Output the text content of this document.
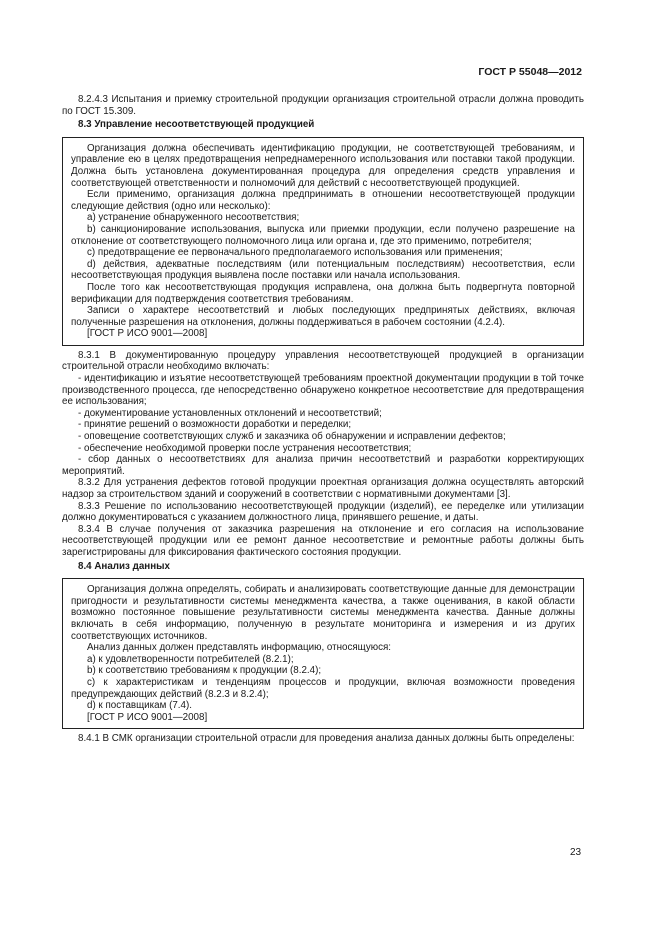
ГОСТ Р 55048—2012

8.2.4.3 Испытания и приемку строительной продукции организация строительной отрасли должна проводить по ГОСТ 15.309.

8.3 Управление несоответствующей продукцией

Организация должна обеспечивать идентификацию продукции, не соответствующей требованиям, и управление ею в целях предотвращения непреднамеренного использования или поставки такой продукции. Должна быть установлена документированная процедура для определения средств управления и соответствующей ответственности и полномочий для действий с несоответствующей продукцией.

Если применимо, организация должна предпринимать в отношении несоответствующей продукции следующие действия (одно или несколько):

а) устранение обнаруженного несоответствия;

b) санкционирование использования, выпуска или приемки продукции, если получено разрешение на отклонение от соответствующего полномочного лица или органа и, где это применимо, потребителя;

с) предотвращение ее первоначального предполагаемого использования или применения;

d) действия, адекватные последствиям (или потенциальным последствиям) несоответствия, если несоответствующая продукция выявлена после поставки или начала использования.

После того как несоответствующая продукция исправлена, она должна быть подвергнута повторной верификации для подтверждения соответствия требованиям.

Записи о характере несоответствий и любых последующих предпринятых действиях, включая полученные разрешения на отклонения, должны поддерживаться в рабочем состоянии (4.2.4).

[ГОСТ Р ИСО 9001—2008]

8.3.1 В документированную процедуру управления несоответствующей продукцией в организации строительной отрасли необходимо включать:

- идентификацию и изъятие несоответствующей требованиям проектной документации продукции в той точке производственного процесса, где непосредственно обнаружено конкретное несоответствие для предотвращения ее использования;

- документирование установленных отклонений и несоответствий;

- принятие решений о возможности доработки и переделки;

- оповещение соответствующих служб и заказчика об обнаружении и исправлении дефектов;

- обеспечение необходимой проверки после устранения несоответствия;

- сбор данных о несоответствиях для анализа причин несоответствий и разработки корректирующих мероприятий.

8.3.2 Для устранения дефектов готовой продукции проектная организация должна осуществлять авторский надзор за строительством зданий и сооружений в соответствии с нормативными документами [3].

8.3.3 Решение по использованию несоответствующей продукции (изделий), ее переделке или утилизации должно документироваться с указанием должностного лица, принявшего решение, и даты.

8.3.4 В случае получения от заказчика разрешения на отклонение и его согласия на использование несоответствующей продукции или ее ремонт данное несоответствие и ремонтные работы должны быть зарегистрированы для фиксирования фактического состояния продукции.

8.4 Анализ данных

Организация должна определять, собирать и анализировать соответствующие данные для демонстрации пригодности и результативности системы менеджмента качества, а также оценивания, в какой области возможно постоянное повышение результативности системы менеджмента качества. Данные должны включать в себя информацию, полученную в результате мониторинга и измерения и из других соответствующих источников.

Анализ данных должен представлять информацию, относящуюся:

а) к удовлетворенности потребителей (8.2.1);

b) к соответствию требованиям к продукции (8.2.4);

с) к характеристикам и тенденциям процессов и продукции, включая возможности проведения предупреждающих действий (8.2.3 и 8.2.4);

d) к поставщикам (7.4).

[ГОСТ Р ИСО 9001—2008]

8.4.1 В СМК организации строительной отрасли для проведения анализа данных должны быть определены:

23
